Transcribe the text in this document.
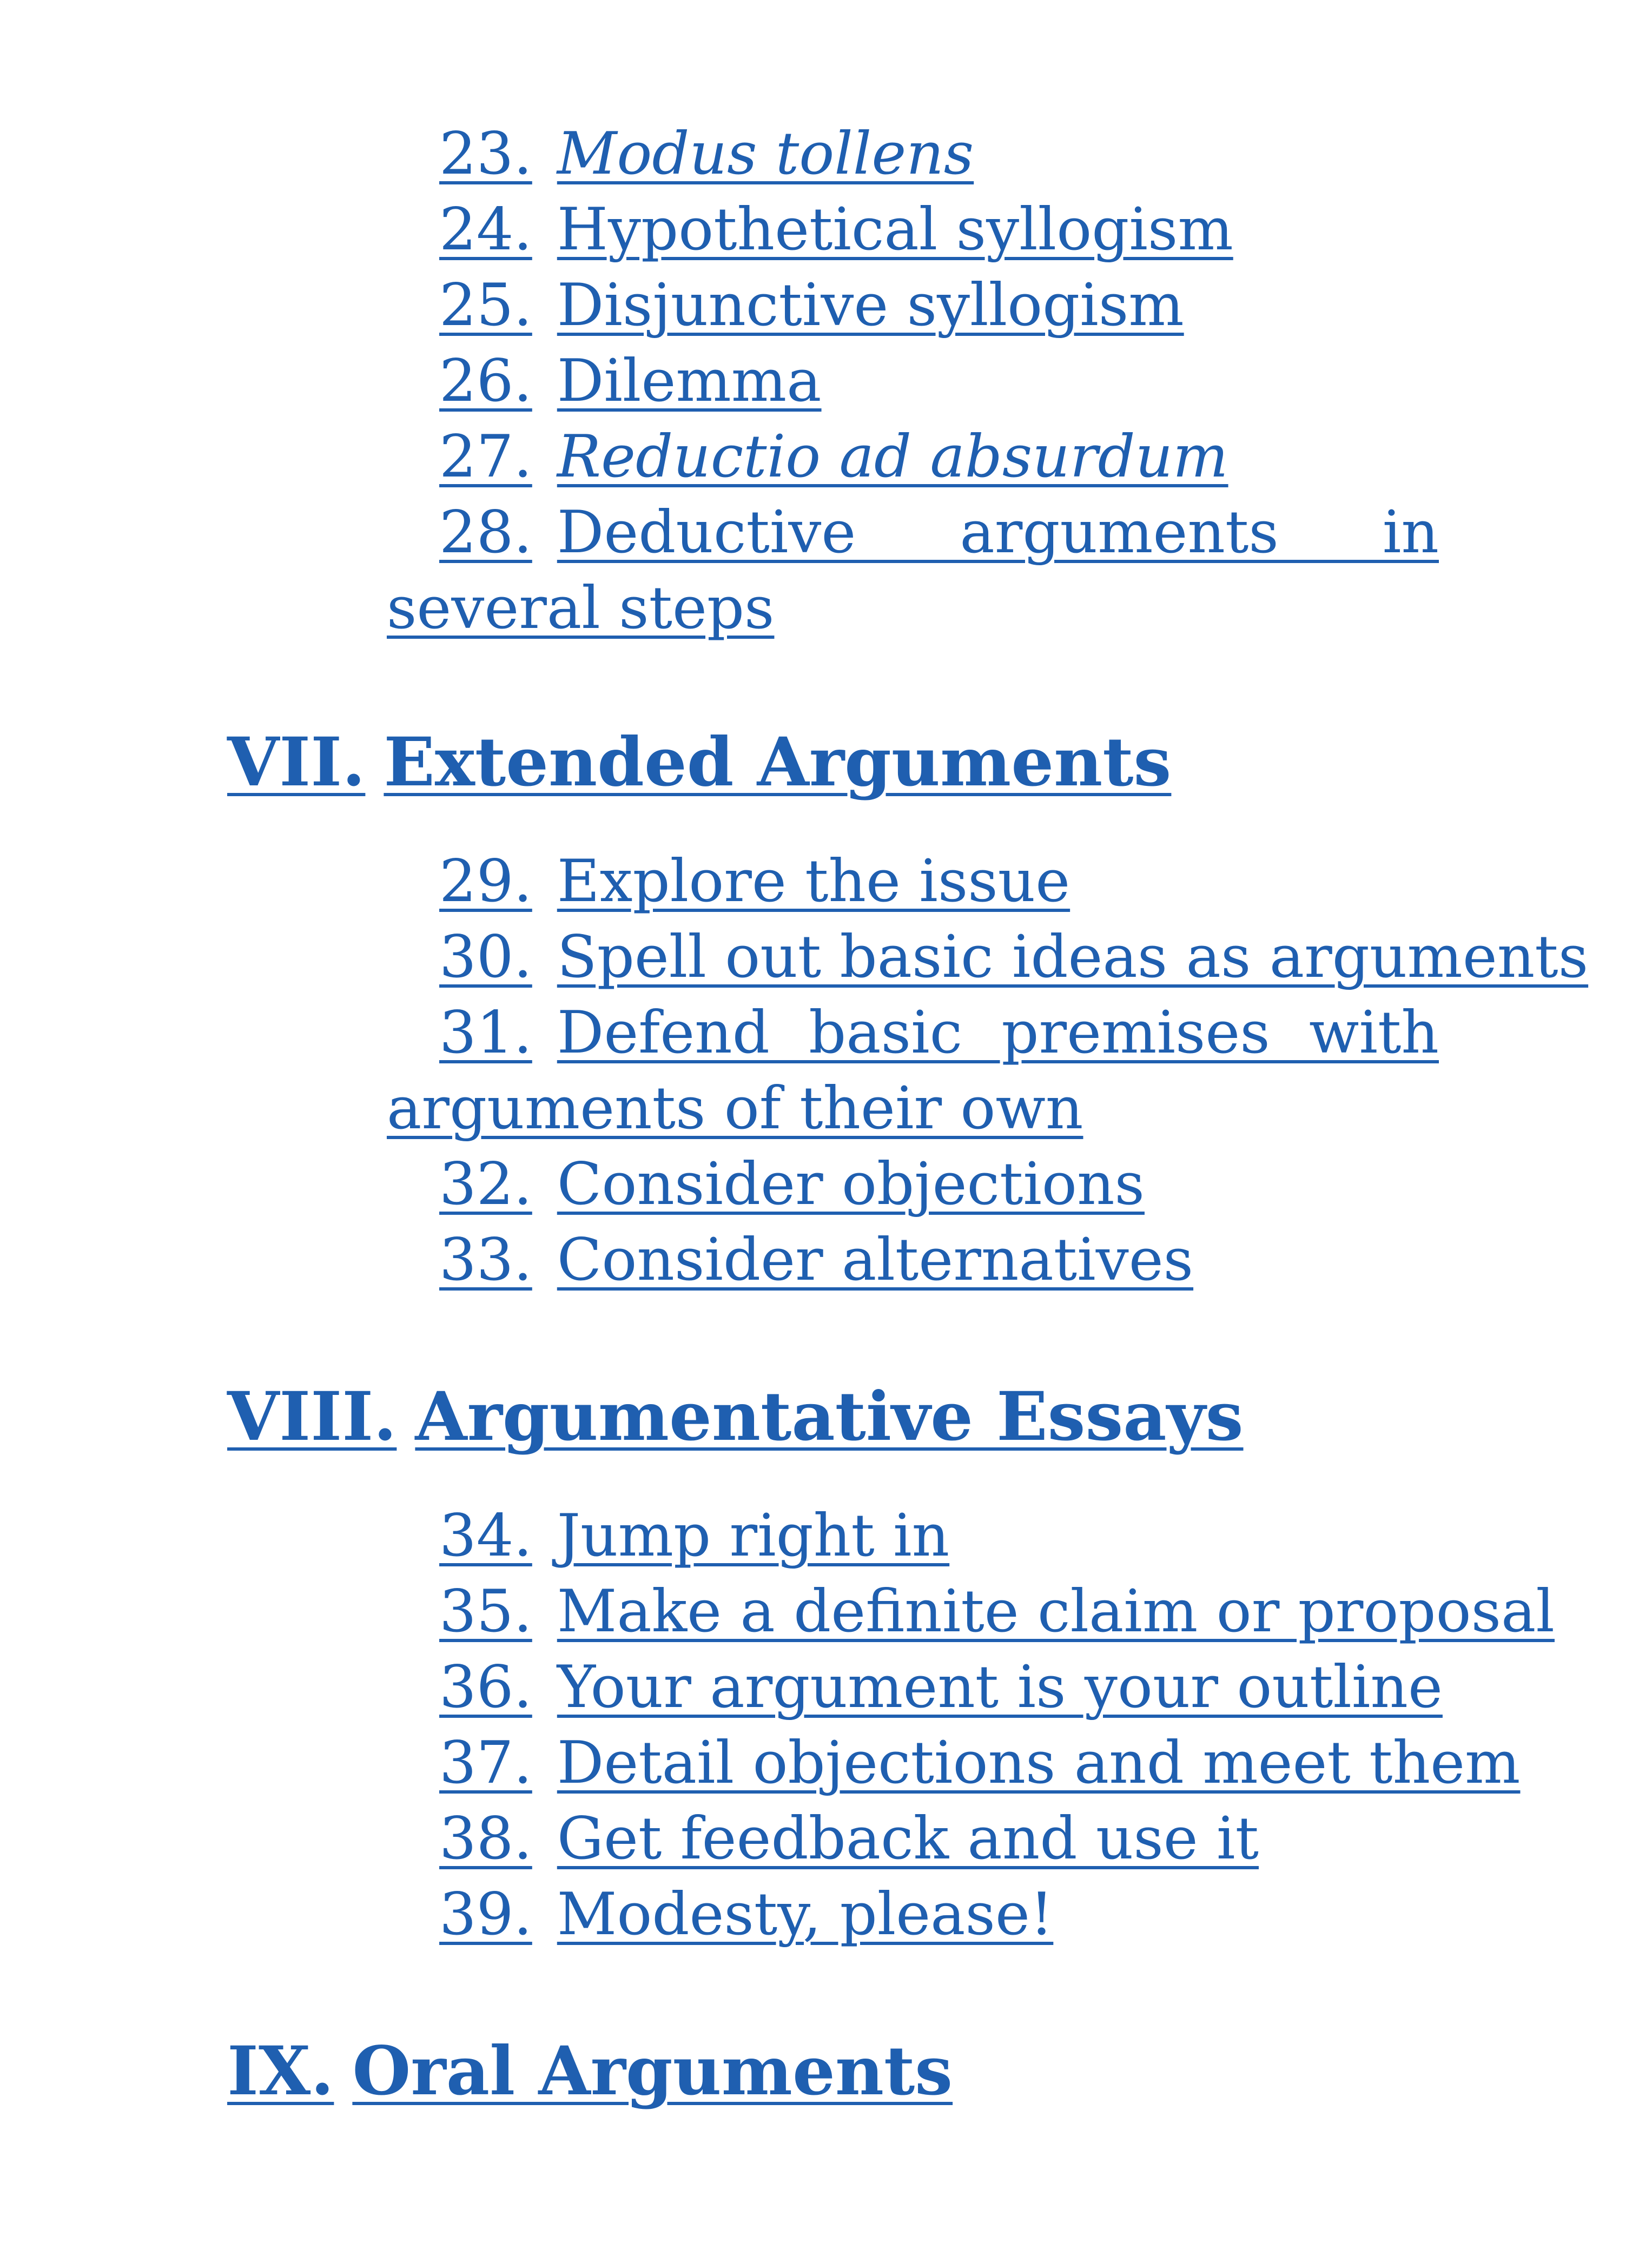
23. Modus tollens
24. Hypothetical syllogism
25. Disjunctive syllogism
26. Dilemma
27. Reductio ad absurdum
28. Deductive arguments in several steps
VII. Extended Arguments
29. Explore the issue
30. Spell out basic ideas as arguments
31. Defend basic premises with arguments of their own
32. Consider objections
33. Consider alternatives
VIII. Argumentative Essays
34. Jump right in
35. Make a definite claim or proposal
36. Your argument is your outline
37. Detail objections and meet them
38. Get feedback and use it
39. Modesty, please!
IX. Oral Arguments
